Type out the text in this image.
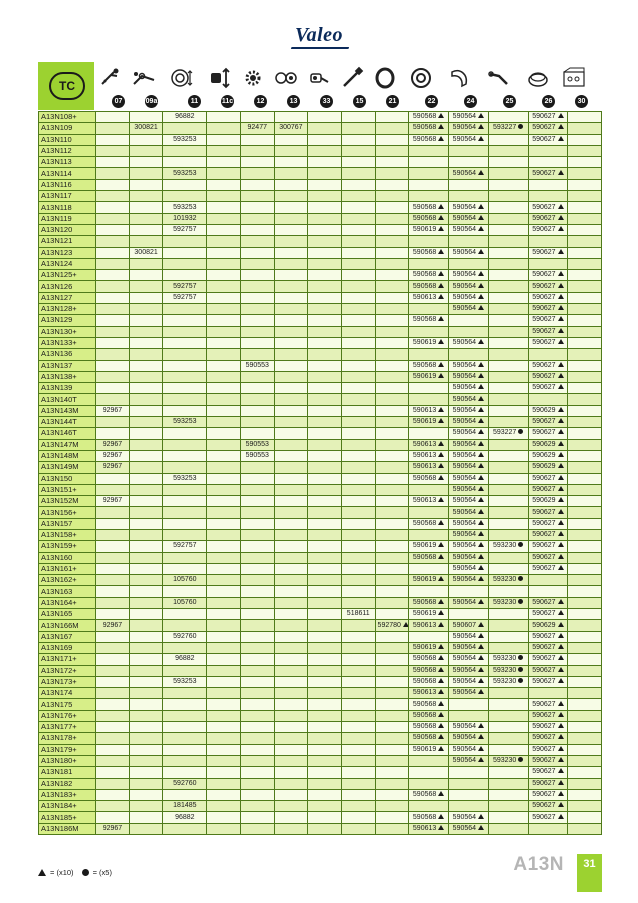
Valeo
TC
07	09a	11	11c	12	13	33	15	21	22	24	25	26	30
A13N108+			96882							590568	590564		590627	
A13N109		300821			92477	300767				590568	590564	593227	590627	
A13N110			593253							590568	590564		590627	
A13N112														
A13N113														
A13N114			593253								590564		590627	
A13N116														
A13N117														
A13N118			593253							590568	590564		590627	
A13N119			101932							590568	590564		590627	
A13N120			592757							590619	590564		590627	
A13N121														
A13N123		300821								590568	590564		590627	
A13N124														
A13N125+										590568	590564		590627	
A13N126			592757							590568	590564		590627	
A13N127			592757							590613	590564		590627	
A13N128+											590564		590627	
A13N129										590568			590627	
A13N130+													590627	
A13N133+										590619	590564		590627	
A13N136														
A13N137					590553					590568	590564		590627	
A13N138+										590619	590564		590627	
A13N139											590564		590627	
A13N140T											590564			
A13N143M	92967									590613	590564		590629	
A13N144T			593253							590619	590564		590627	
A13N146T											590564	593227	590627	
A13N147M	92967				590553					590613	590564		590629	
A13N148M	92967				590553					590613	590564		590629	
A13N149M	92967									590613	590564		590629	
A13N150			593253							590568	590564		590627	
A13N151+											590564		590627	
A13N152M	92967									590613	590564		590629	
A13N156+											590564		590627	
A13N157										590568	590564		590627	
A13N158+											590564		590627	
A13N159+			592757							590619	590564	593230	590627	
A13N160										590568	590564		590627	
A13N161+											590564		590627	
A13N162+			105760							590619	590564	593230		
A13N163														
A13N164+			105760							590568	590564	593230	590627	
A13N165								518611		590619			590627	
A13N166M	92967								592780	590613	590607		590629	
A13N167			592760								590564		590627	
A13N169										590619	590564		590627	
A13N171+			96882							590568	590564	593230	590627	
A13N172+										590568	590564	593230	590627	
A13N173+			593253							590568	590564	593230	590627	
A13N174										590613	590564			
A13N175										590568			590627	
A13N176+										590568			590627	
A13N177+										590568	590564		590627	
A13N178+										590568	590564		590627	
A13N179+										590619	590564		590627	
A13N180+											590564	593230	590627	
A13N181													590627	
A13N182			592760										590627	
A13N183+										590568			590627	
A13N184+			181485										590627	
A13N185+			96882							590568	590564		590627	
A13N186M	92967									590613	590564			
= (x10)	= (x5)	A13N	31
